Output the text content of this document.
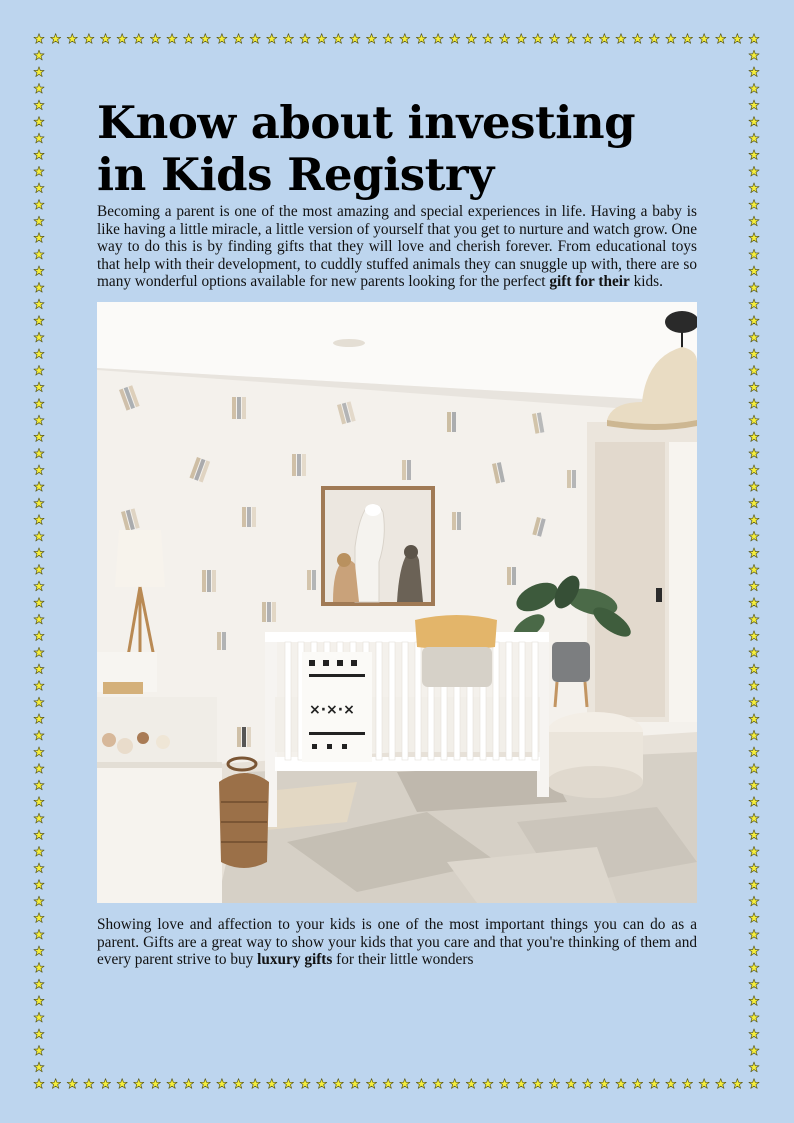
Know about investing in Kids Registry

Becoming a parent is one of the most amazing and special experiences in life. Having a baby is like having a little miracle, a little version of yourself that you get to nurture and watch grow. One way to do this is by finding gifts that they will love and cherish forever. From educational toys that help with their development, to cuddly stuffed animals they can snuggle up with, there are so many wonderful options available for new parents looking for the perfect gift for their kids.

×·×·×

Showing love and affection to your kids is one of the most important things you can do as a parent. Gifts are a great way to show your kids that you care and that you're thinking of them and every parent strive to buy luxury gifts for their little wonders
